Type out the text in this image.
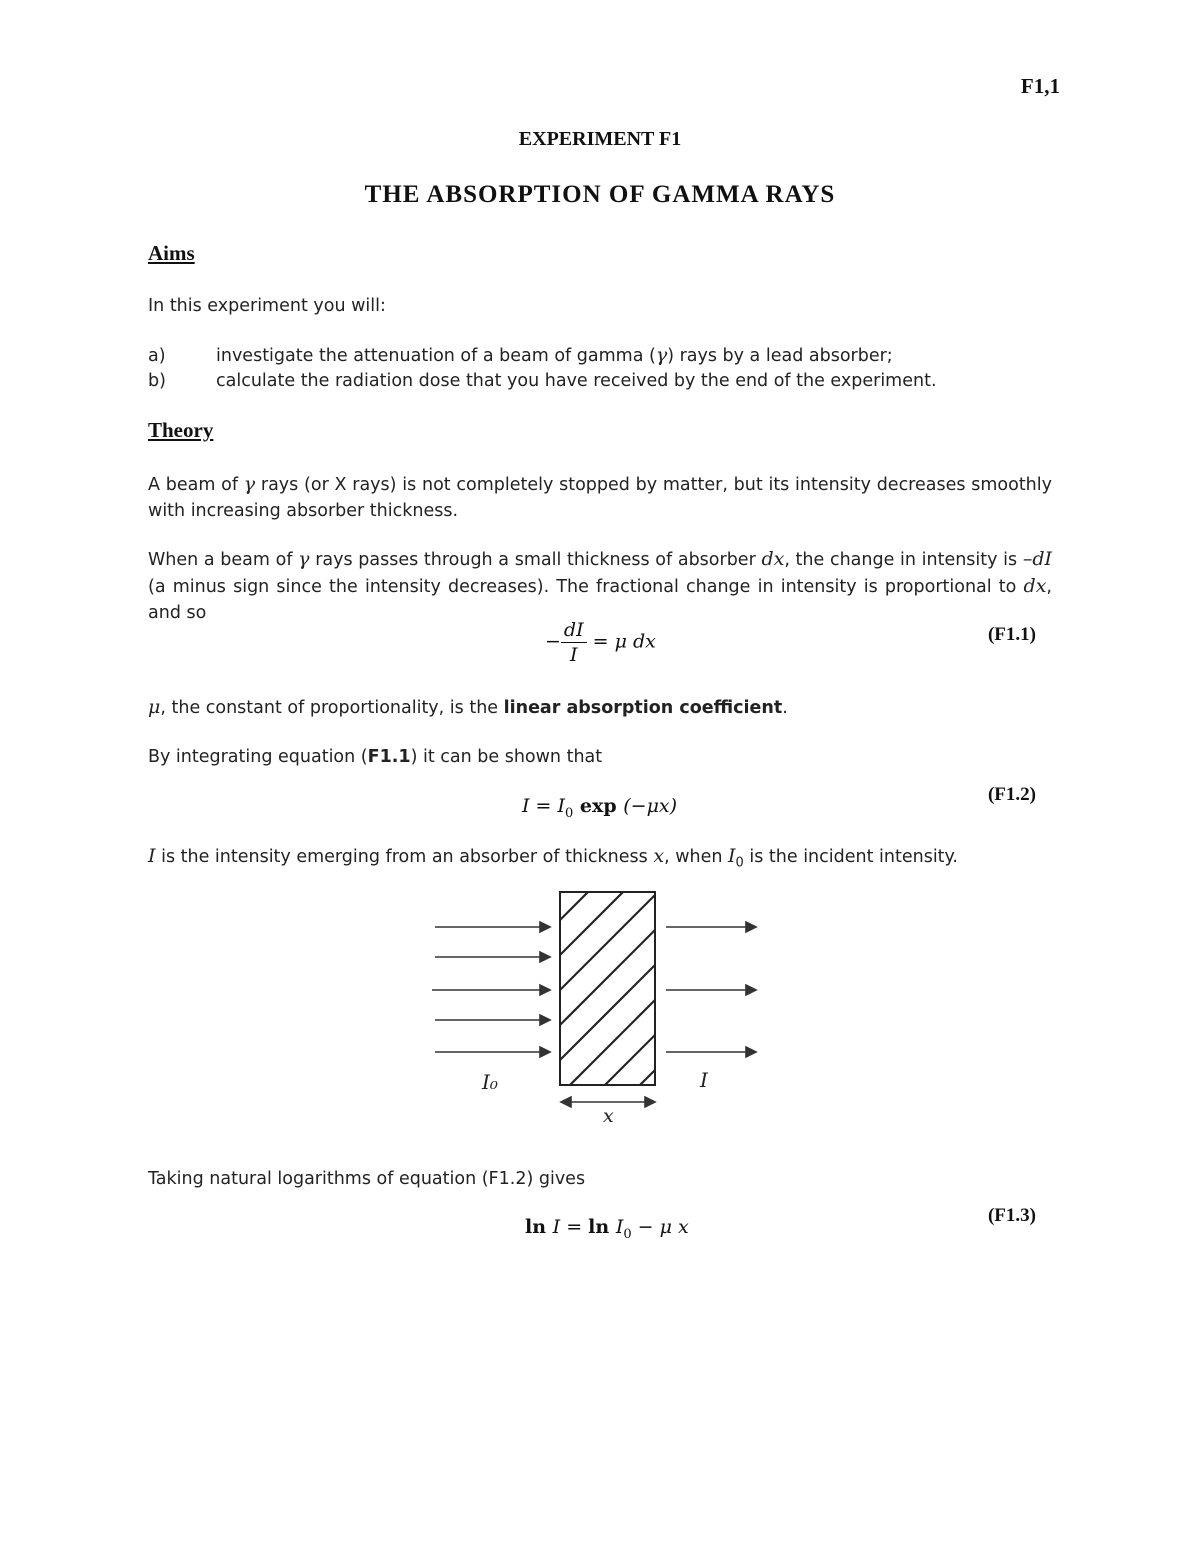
F1,1
EXPERIMENT F1
THE ABSORPTION OF GAMMA RAYS
Aims
In this experiment you will:
a)	investigate the attenuation of a beam of gamma (γ) rays by a lead absorber;
b)	calculate the radiation dose that you have received by the end of the experiment.
Theory
A beam of γ rays (or X rays) is not completely stopped by matter, but its intensity decreases smoothly with increasing absorber thickness.
When a beam of γ rays passes through a small thickness of absorber dx, the change in intensity is –dI (a minus sign since the intensity decreases). The fractional change in intensity is proportional to dx, and so
− $\frac{dI}{I} = \mu$ dx	(F1.1)
μ, the constant of proportionality, is the linear absorption coefficient.
By integrating equation (F1.1) it can be shown that
$I = I_0$ exp (−μx)
(F1.2)
I is the intensity emerging from an absorber of thickness x, when $I_0$ is the incident intensity.
I₀	I
x
Taking natural logarithms of equation (F1.2) gives
$\ln I = \ln I_0 - \mu$ x
(F1.3)
